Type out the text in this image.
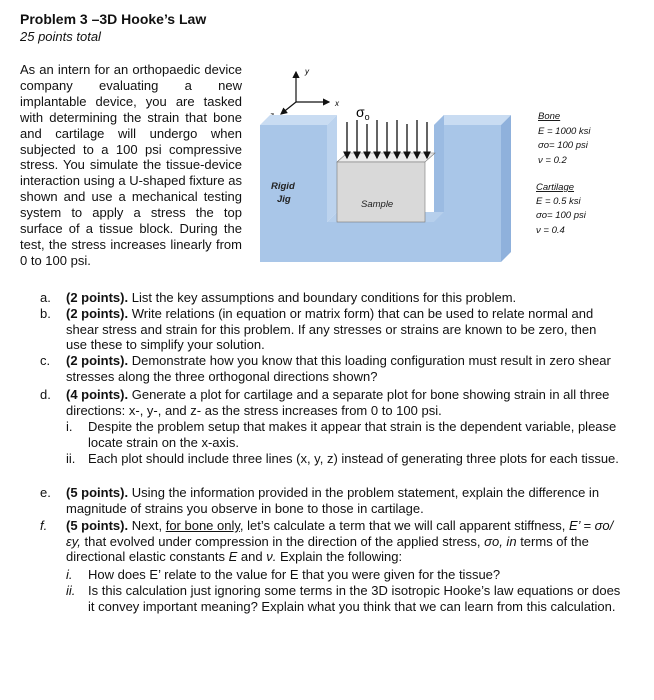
Problem 3 –3D Hooke’s Law
25 points total

As an intern for an orthopaedic device company evaluating a new implantable device, you are tasked with determining the strain that bone and cartilage will undergo when subjected to a 100 psi compressive stress. You simulate the tissue-device interaction using a U-shaped fixture as shown and use a mechanical testing system to apply a stress the top surface of a tissue block. During the test, the stress increases linearly from 0 to 100 psi.

y
x
$\sigma_o$
Rigid
Jig	Sample
Bone
E = 1000 ksi
σo= 100 psi
ν = 0.2
Cartilage
E = 0.5 ksi
σo= 100 psi
ν = 0.4
a.	(2 points). List the key assumptions and boundary conditions for this problem.
b.	(2 points). Write relations (in equation or matrix form) that can be used to relate normal and shear stress and strain for this problem. If any stresses or strains are known to be zero, then use these to simplify your solution.
c.	(2 points). Demonstrate how you know that this loading configuration must result in zero shear stresses along the three orthogonal directions shown?
d.	(4 points). Generate a plot for cartilage and a separate plot for bone showing strain in all three directions: x-, y-, and z- as the stress increases from 0 to 100 psi.
i.	Despite the problem setup that makes it appear that strain is the dependent variable, please locate strain on the x-axis.
ii. Each plot should include three lines (x, y, z) instead of generating three plots for each tissue.
e.	(5 points). Using the information provided in the problem statement, explain the difference in magnitude of strains you observe in bone to those in cartilage.
f.	(5 points). Next, for bone only, let’s calculate a term that we will call apparent stiffness, E’ = σo/εy, that evolved under compression in the direction of the applied stress, σo, in terms of the directional elastic constants E and ν. Explain the following:
i.	How does E’ relate to the value for E that you were given for the tissue?
ii. Is this calculation just ignoring some terms in the 3D isotropic Hooke’s law equations or does it convey important meaning? Explain what you think that we can learn from this calculation.
